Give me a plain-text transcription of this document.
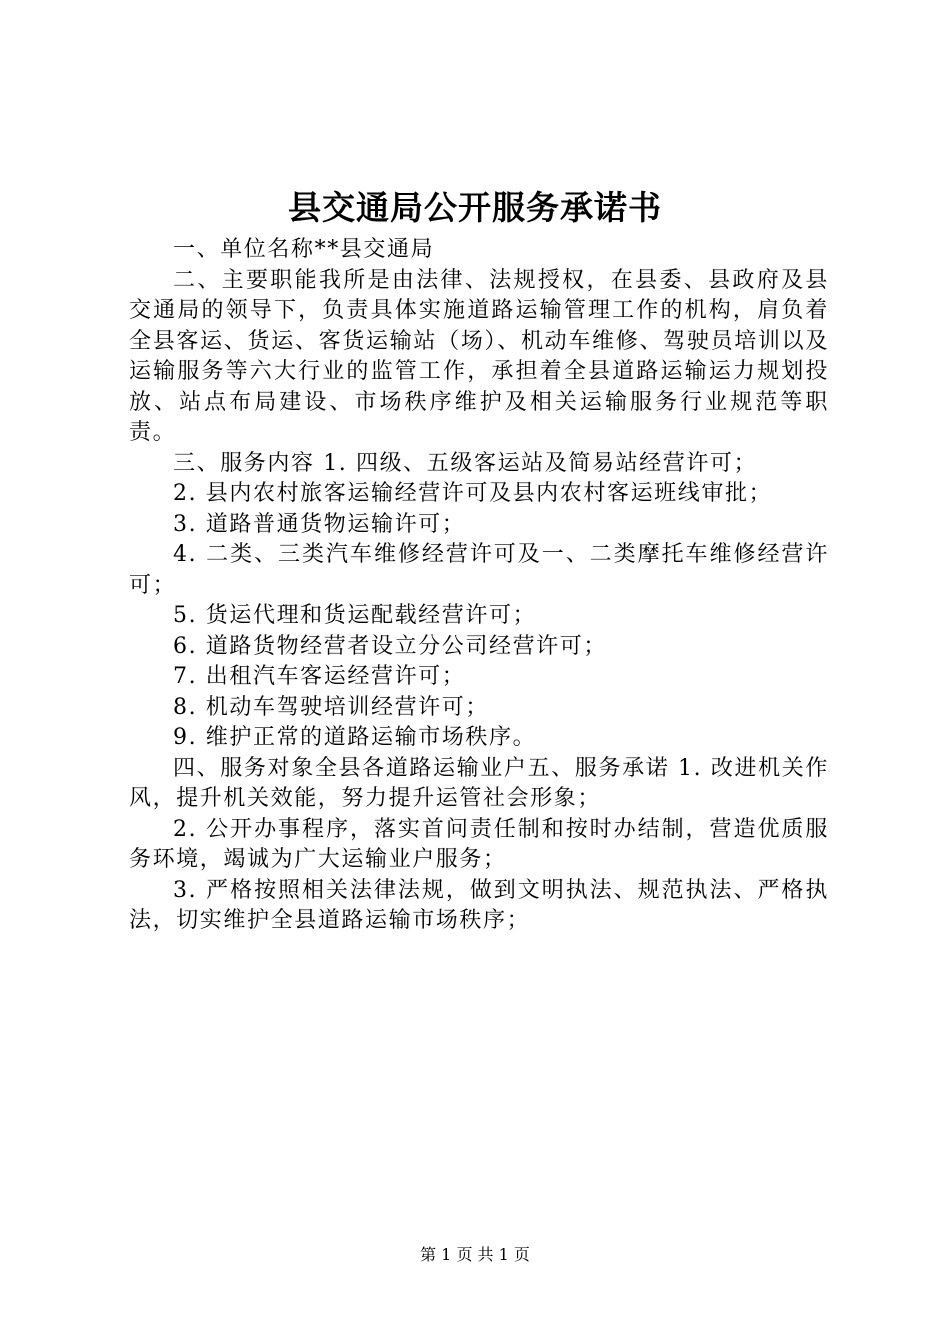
县交通局公开服务承诺书

一、单位名称**县交通局

二、主要职能我所是由法律、法规授权，在县委、县政府及县交通局的领导下，负责具体实施道路运输管理工作的机构，肩负着全县客运、货运、客货运输站（场）、机动车维修、驾驶员培训以及运输服务等六大行业的监管工作，承担着全县道路运输运力规划投放、站点布局建设、市场秩序维护及相关运输服务行业规范等职责。

三、服务内容 1. 四级、五级客运站及简易站经营许可；

2. 县内农村旅客运输经营许可及县内农村客运班线审批；

3. 道路普通货物运输许可；

4. 二类、三类汽车维修经营许可及一、二类摩托车维修经营许可；

5. 货运代理和货运配载经营许可；

6. 道路货物经营者设立分公司经营许可；

7. 出租汽车客运经营许可；

8. 机动车驾驶培训经营许可；

9. 维护正常的道路运输市场秩序。

四、服务对象全县各道路运输业户五、服务承诺 1. 改进机关作风，提升机关效能，努力提升运管社会形象；

2. 公开办事程序，落实首问责任制和按时办结制，营造优质服务环境，竭诚为广大运输业户服务；

3. 严格按照相关法律法规，做到文明执法、规范执法、严格执法，切实维护全县道路运输市场秩序；

第 1 页 共 1 页
